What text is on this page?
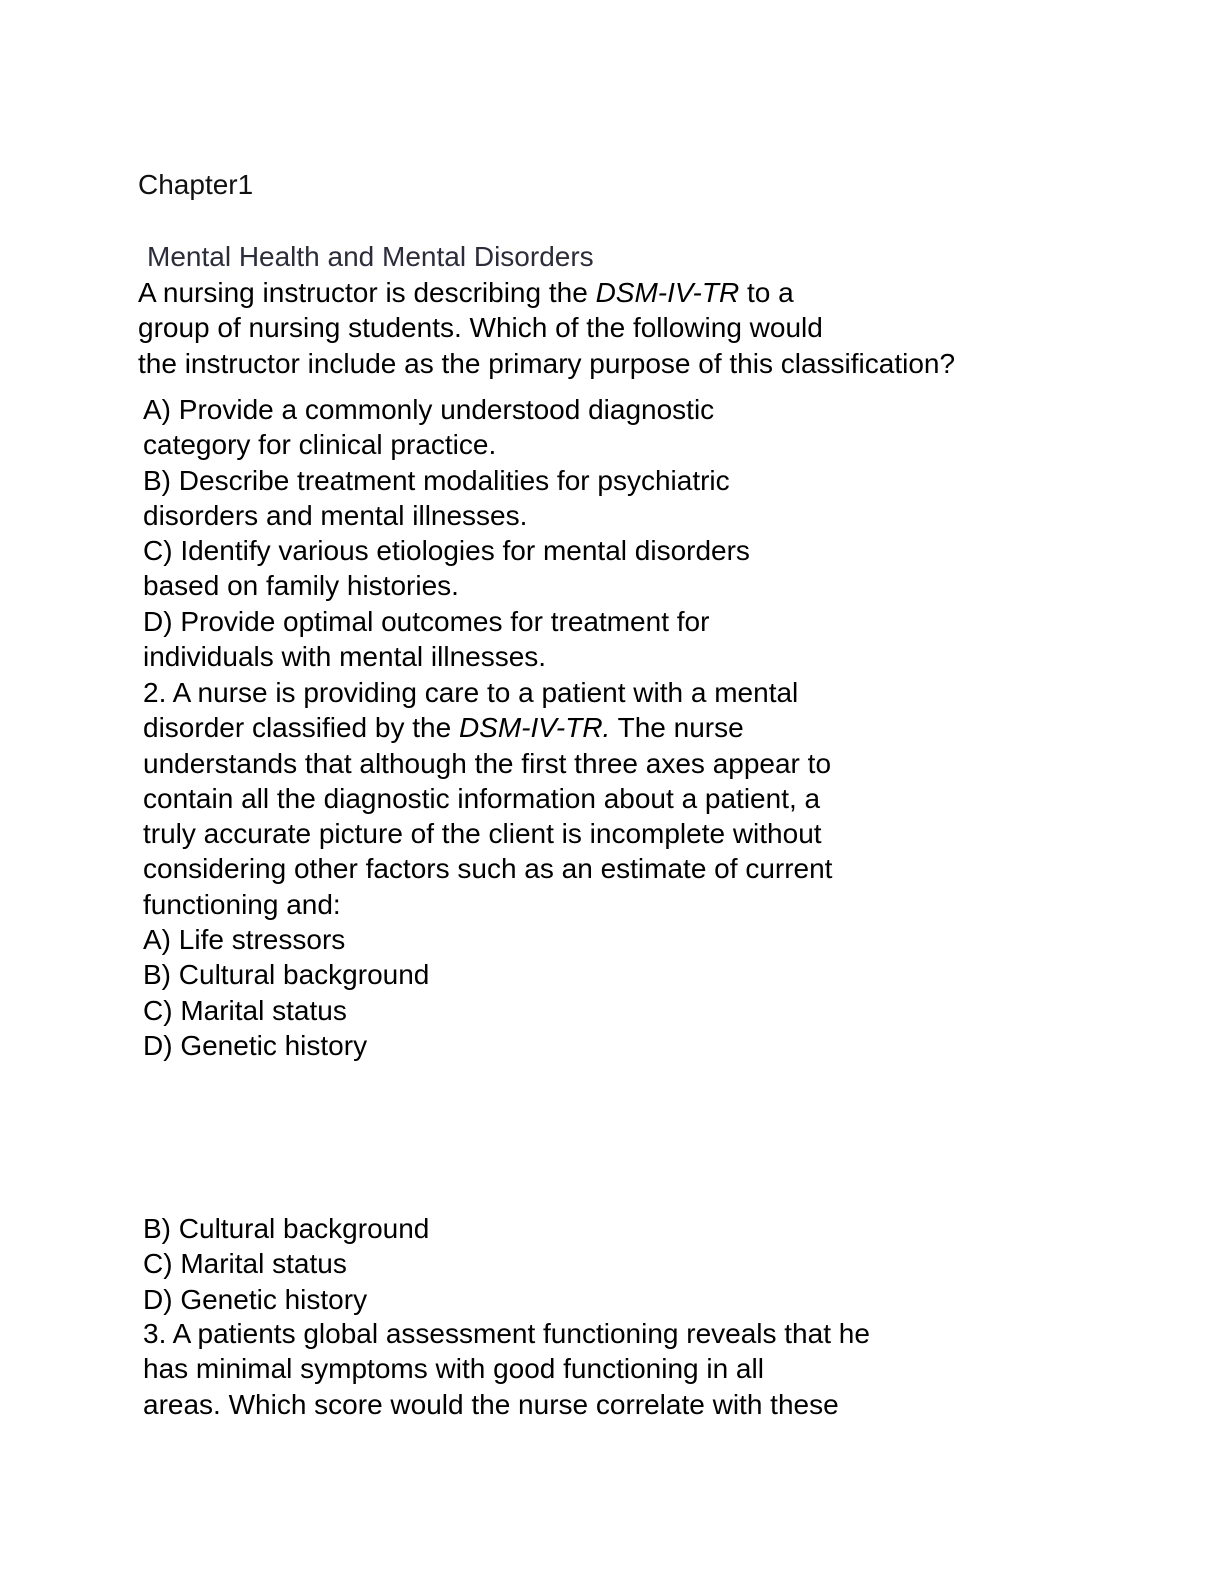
Chapter1
Mental Health and Mental Disorders

A nursing instructor is describing the DSM-IV-TR to a
group of nursing students. Which of the following would
the instructor include as the primary purpose of this classification?

A) Provide a commonly understood diagnostic
category for clinical practice.
B) Describe treatment modalities for psychiatric
disorders and mental illnesses.
C) Identify various etiologies for mental disorders
based on family histories.
D) Provide optimal outcomes for treatment for
individuals with mental illnesses.

2. A nurse is providing care to a patient with a mental
disorder classified by the DSM-IV-TR. The nurse
understands that although the first three axes appear to
contain all the diagnostic information about a patient, a
truly accurate picture of the client is incomplete without
considering other factors such as an estimate of current
functioning and:

A) Life stressors
B) Cultural background
C) Marital status
D) Genetic history
B) Cultural background
C) Marital status
D) Genetic history

3. A patients global assessment functioning reveals that he
has minimal symptoms with good functioning in all
areas. Which score would the nurse correlate with these
